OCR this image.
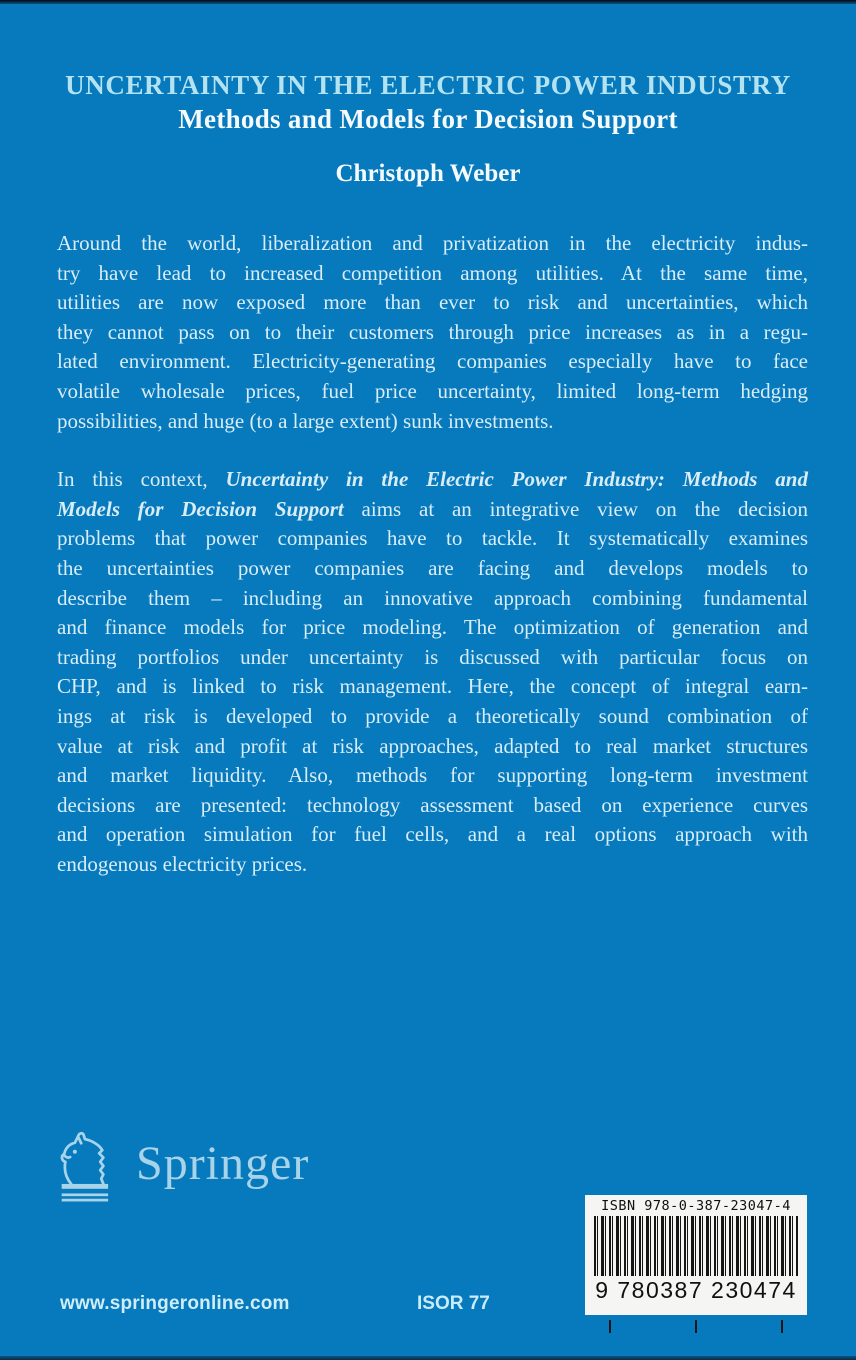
UNCERTAINTY IN THE ELECTRIC POWER INDUSTRY
Methods and Models for Decision Support
Christoph Weber
Around the world, liberalization and privatization in the electricity indus-
try have lead to increased competition among utilities. At the same time,
utilities are now exposed more than ever to risk and uncertainties, which
they cannot pass on to their customers through price increases as in a regu-
lated environment. Electricity-generating companies especially have to face
volatile wholesale prices, fuel price uncertainty, limited long-term hedging
possibilities, and huge (to a large extent) sunk investments.
In this context, Uncertainty in the Electric Power Industry: Methods and
Models for Decision Support aims at an integrative view on the decision
problems that power companies have to tackle. It systematically examines
the uncertainties power companies are facing and develops models to
describe them – including an innovative approach combining fundamental
and finance models for price modeling. The optimization of generation and
trading portfolios under uncertainty is discussed with particular focus on
CHP, and is linked to risk management. Here, the concept of integral earn-
ings at risk is developed to provide a theoretically sound combination of
value at risk and profit at risk approaches, adapted to real market structures
and market liquidity. Also, methods for supporting long-term investment
decisions are presented: technology assessment based on experience curves
and operation simulation for fuel cells, and a real options approach with
endogenous electricity prices.
Springer
ISBN 978-0-387-23047-4
9 780387 230474
www.springeronline.com	ISOR 77
